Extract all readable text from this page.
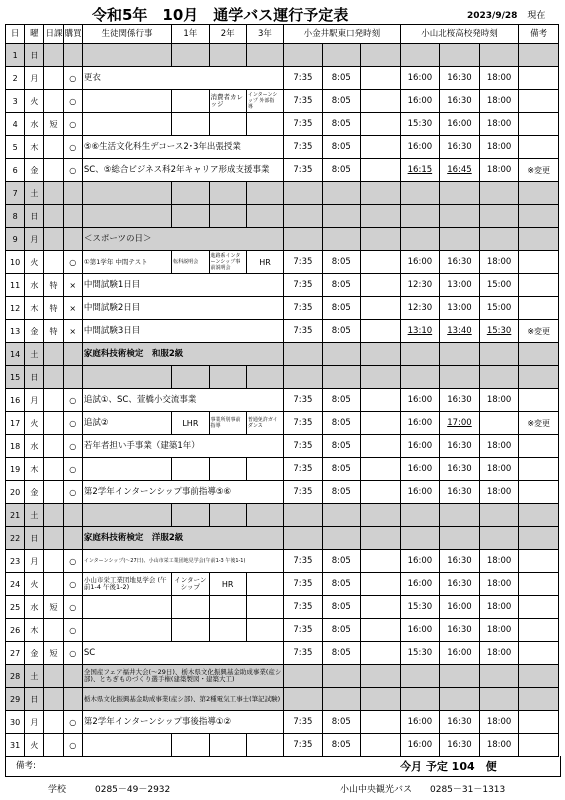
令和5年　10月　通学バス運行予定表	2023/9/28 現在
日	曜	日課	購買	生徒関係行事	1年	2年	3年	小金井駅東口発時刻			小山北桜高校発時刻			備考
1	日													
2	月		○	更衣				7:35	8:05		16:00	16:30	18:00	
3	火		○			消費者カレッジ	インターンシップ 外部指導	7:35	8:05		16:00	16:30	18:00	
4	水	短	○					7:35	8:05		15:30	16:00	18:00	
5	木		○	⑤⑥生活文化科生デコース2･3年出張授業				7:35	8:05		16:00	16:30	18:00	
6	金		○	SC、⑤総合ビジネス科2年キャリア形成支援事業				7:35	8:05		16:15	16:45	18:00	※変更
7	土													
8	日													
9	月			＜スポーツの日＞										
10	火		○	①第1学年 中間テスト	転科説明会	進路系インターンシップ事前説明会	HR	7:35	8:05		16:00	16:30	18:00	
11	水	特	×	中間試験1日目				7:35	8:05		12:30	13:00	15:00	
12	木	特	×	中間試験2日目				7:35	8:05		12:30	13:00	15:00	
13	金	特	×	中間試験3日目				7:35	8:05		13:10	13:40	15:30	※変更
14	土			家庭科技術検定　和服2級										
15	日													
16	月		○	追試①、SC、萱橋小交流事業				7:35	8:05		16:00	16:30	18:00	
17	火		○	追試②	LHR	事業所別事前指導	普通免許ガイダンス	7:35	8:05		16:00	17:00		※変更
18	水		○	若年者担い手事業（建築1年）				7:35	8:05		16:00	16:30	18:00	
19	木		○					7:35	8:05		16:00	16:30	18:00	
20	金		○	第2学年インターンシップ事前指導⑤⑥				7:35	8:05		16:00	16:30	18:00	
21	土													
22	日			家庭科技術検定　洋服2級										
23	月		○	インターンシップ(～27日)、小山市栄工業団地見学会(午前1-3 午後1-1)				7:35	8:05		16:00	16:30	18:00	
24	火		○	小山市栄工業団地見学会 (午前1-4 午後1-2)	インターンシップ	HR		7:35	8:05		16:00	16:30	18:00	
25	水	短	○					7:35	8:05		15:30	16:00	18:00	
26	木		○					7:35	8:05		16:00	16:30	18:00	
27	金	短	○	SC				7:35	8:05		15:30	16:00	18:00	
28	土			全国産フェア福井大会(～29日)、栃木県文化振興基金助成事業(産シ部)、とちぎものづくり選手権(建築製図・建築大工)										
29	日			栃木県文化振興基金助成事業(産シ部)、第2種電気工事士(筆記試験)										
30	月		○	第2学年インターンシップ事後指導①②				7:35	8:05		16:00	16:30	18:00	
31	火		○					7:35	8:05		16:00	16:30	18:00	
備考:	今月 予定 104　便
学校	0285－49－2932	小山中央観光バス 0285－31－1313
